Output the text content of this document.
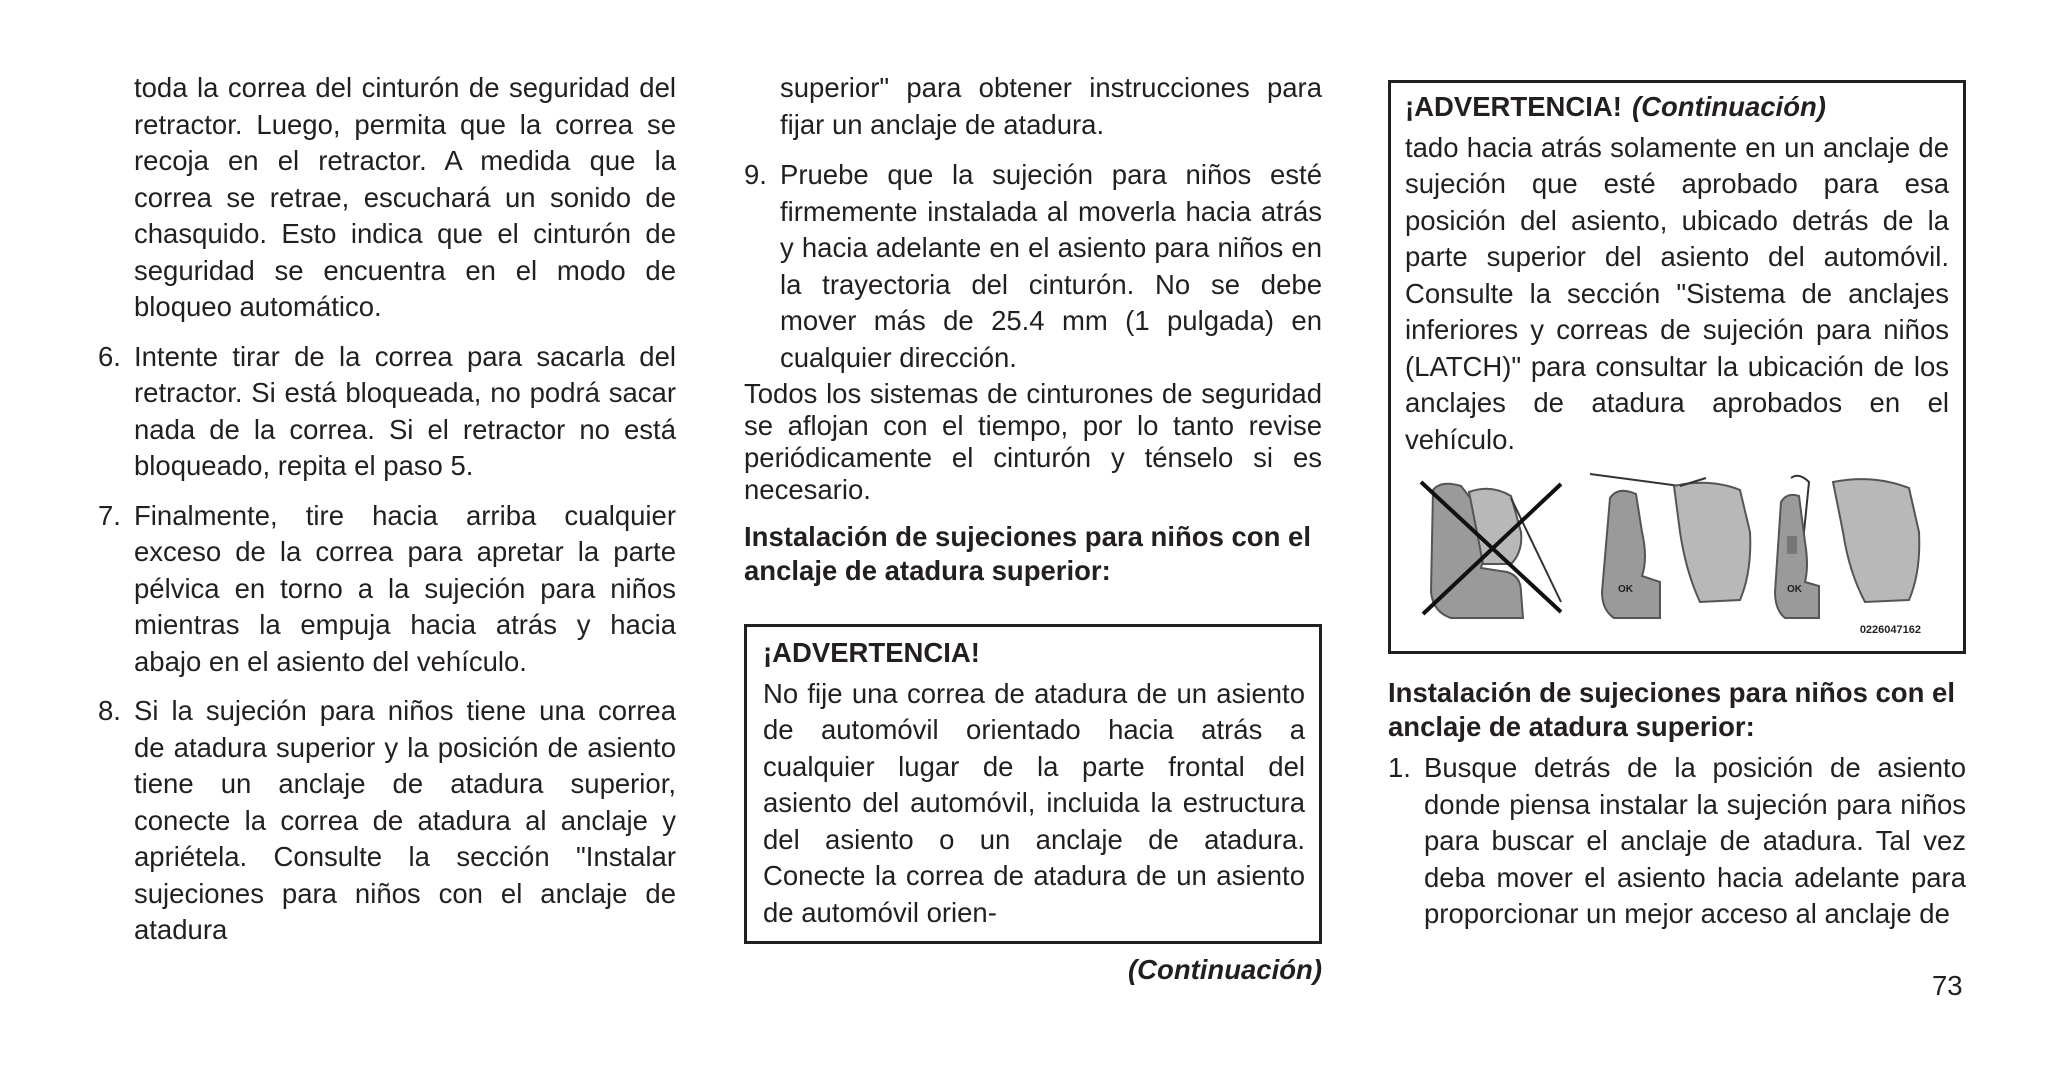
toda la correa del cinturón de seguridad del retractor. Luego, permita que la correa se recoja en el retractor. A medida que la correa se retrae, escuchará un sonido de chasquido. Esto indica que el cinturón de seguridad se encuentra en el modo de bloqueo automático.

6. Intente tirar de la correa para sacarla del retractor. Si está bloqueada, no podrá sacar nada de la correa. Si el retractor no está bloqueado, repita el paso 5.
7. Finalmente, tire hacia arriba cualquier exceso de la correa para apretar la parte pélvica en torno a la sujeción para niños mientras la empuja hacia atrás y hacia abajo en el asiento del vehículo.
8. Si la sujeción para niños tiene una correa de atadura superior y la posición de asiento tiene un anclaje de atadura superior, conecte la correa de atadura al anclaje y apriétela. Consulte la sección "Instalar sujeciones para niños con el anclaje de atadura

superior" para obtener instrucciones para fijar un anclaje de atadura.

9. Pruebe que la sujeción para niños esté firmemente instalada al moverla hacia atrás y hacia adelante en el asiento para niños en la trayectoria del cinturón. No se debe mover más de 25.4 mm (1 pulgada) en cualquier dirección.

Todos los sistemas de cinturones de seguridad se aflojan con el tiempo, por lo tanto revise periódicamente el cinturón y ténselo si es necesario.

Instalación de sujeciones para niños con el anclaje de atadura superior:
¡ADVERTENCIA!

No fije una correa de atadura de un asiento de automóvil orientado hacia atrás a cualquier lugar de la parte frontal del asiento del automóvil, incluida la estructura del asiento o un anclaje de atadura. Conecte la correa de atadura de un asiento de automóvil orien-

(Continuación)
¡ADVERTENCIA! (Continuación)

tado hacia atrás solamente en un anclaje de sujeción que esté aprobado para esa posición del asiento, ubicado detrás de la parte superior del asiento del automóvil. Consulte la sección "Sistema de anclajes inferiores y correas de sujeción para niños (LATCH)" para consultar la ubicación de los anclajes de atadura aprobados en el vehículo.

OK	OK
0226047162
Instalación de sujeciones para niños con el anclaje de atadura superior:
1. Busque detrás de la posición de asiento donde piensa instalar la sujeción para niños para buscar el anclaje de atadura. Tal vez deba mover el asiento hacia adelante para proporcionar un mejor acceso al anclaje de
73
